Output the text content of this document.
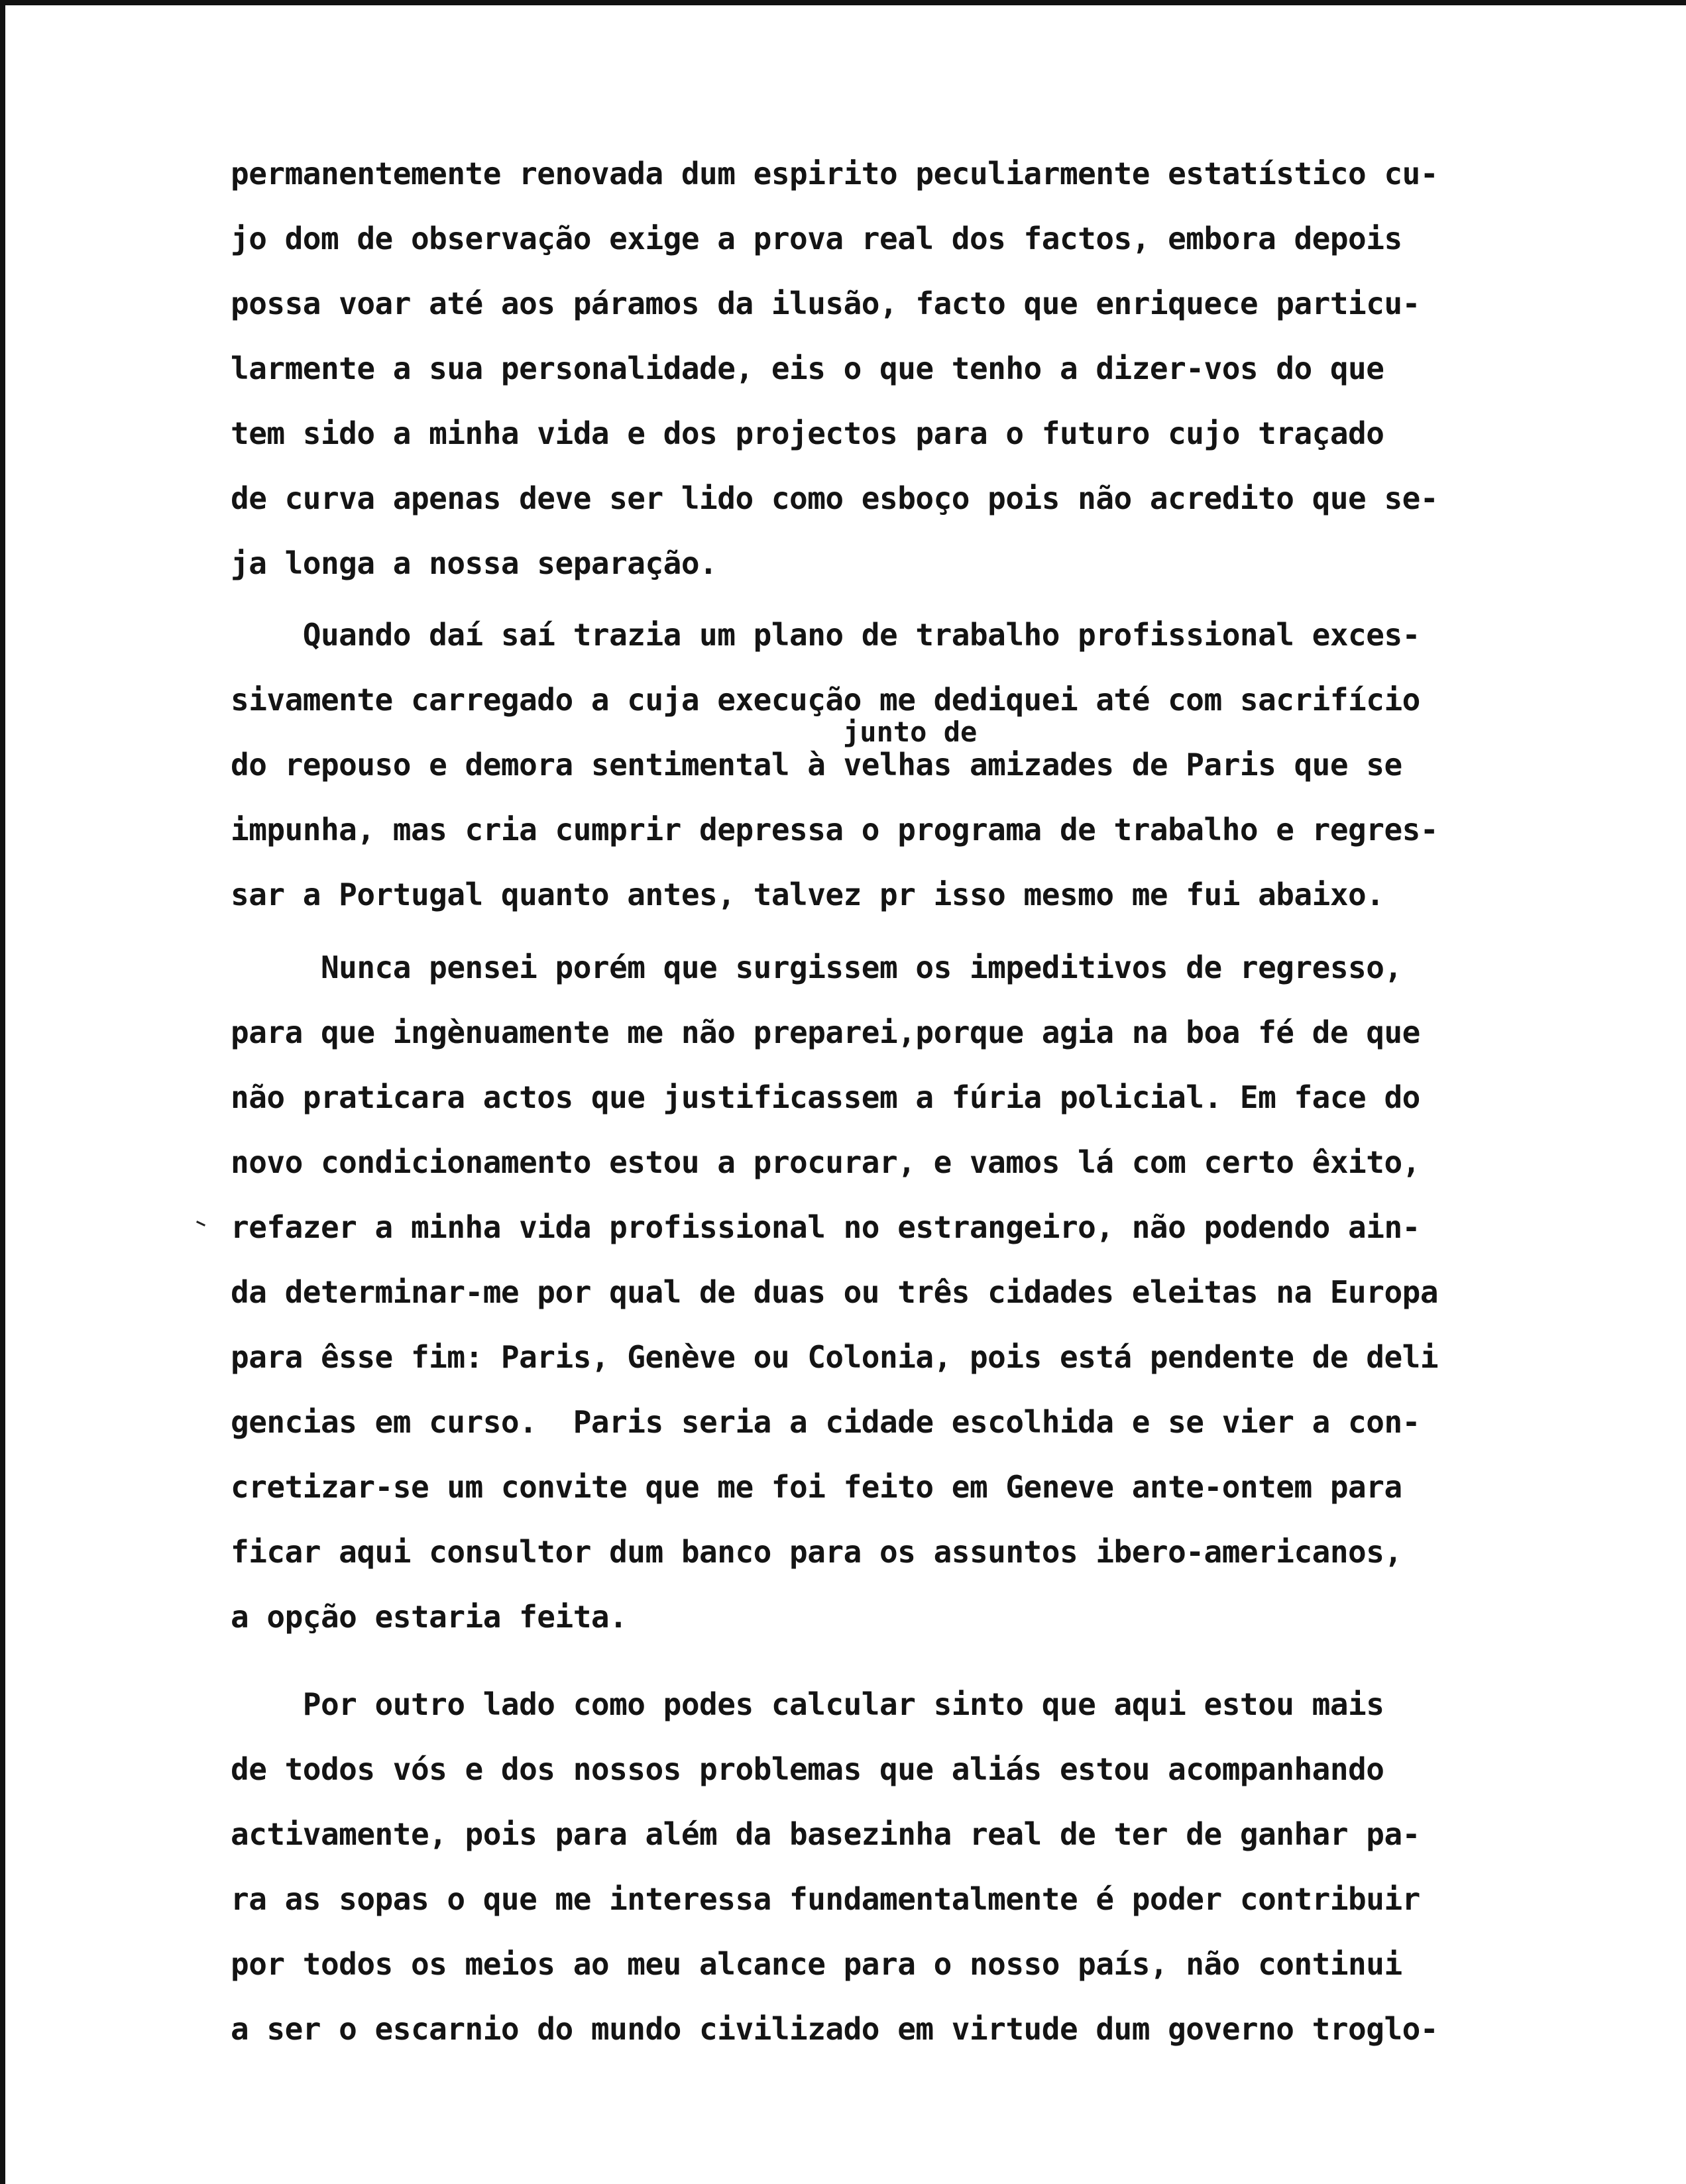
permanentemente renovada dum espirito peculiarmente estatístico cu-
jo dom de observação exige a prova real dos factos, embora depois
possa voar até aos páramos da ilusão, facto que enriquece particu-
larmente a sua personalidade, eis o que tenho a dizer-vos do que
tem sido a minha vida e dos projectos para o futuro cujo traçado
de curva apenas deve ser lido como esboço pois não acredito que se-
ja longa a nossa separação.
Quando daí saí trazia um plano de trabalho profissional exces-
sivamente carregado a cuja execução me dediquei até com sacrifício
junto de
do repouso e demora sentimental à velhas amizades de Paris que se
impunha, mas cria cumprir depressa o programa de trabalho e regres-
sar a Portugal quanto antes, talvez pr isso mesmo me fui abaixo.
Nunca pensei porém que surgissem os impeditivos de regresso,
para que ingènuamente me não preparei,porque agia na boa fé de que
não praticara actos que justificassem a fúria policial. Em face do
novo condicionamento estou a procurar, e vamos lá com certo êxito,
refazer a minha vida profissional no estrangeiro, não podendo ain-
da determinar-me por qual de duas ou três cidades eleitas na Europa
para êsse fim: Paris, Genève ou Colonia, pois está pendente de deli
gencias em curso.  Paris seria a cidade escolhida e se vier a con-
cretizar-se um convite que me foi feito em Geneve ante-ontem para
ficar aqui consultor dum banco para os assuntos ibero-americanos,
a opção estaria feita.
Por outro lado como podes calcular sinto que aqui estou mais
de todos vós e dos nossos problemas que aliás estou acompanhando
activamente, pois para além da basezinha real de ter de ganhar pa-
ra as sopas o que me interessa fundamentalmente é poder contribuir
por todos os meios ao meu alcance para o nosso país, não continui
a ser o escarnio do mundo civilizado em virtude dum governo troglo-
